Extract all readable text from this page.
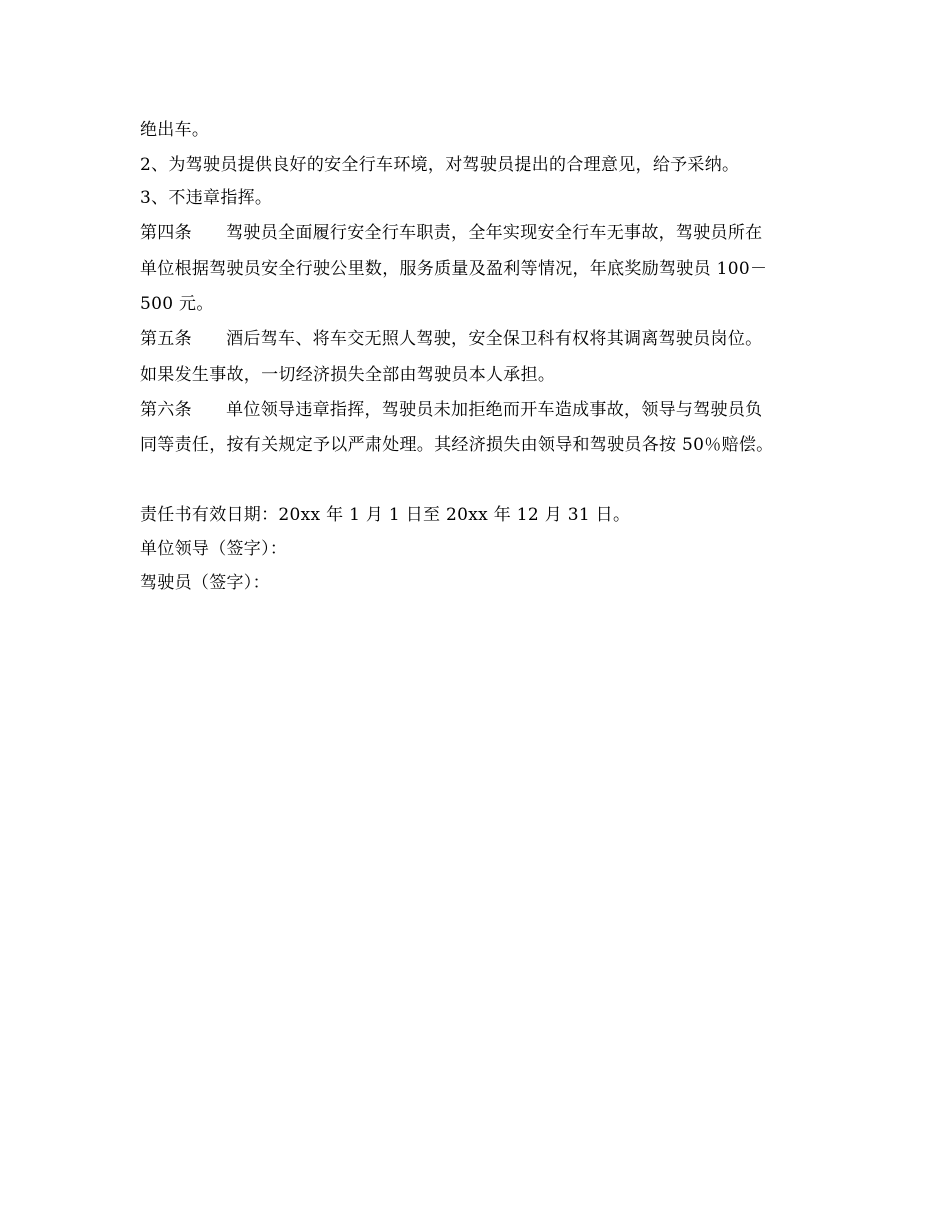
绝出车。
2、为驾驶员提供良好的安全行车环境，对驾驶员提出的合理意见，给予采纳。
3、不违章指挥。
第四条      驾驶员全面履行安全行车职责，全年实现安全行车无事故，驾驶员所在
单位根据驾驶员安全行驶公里数，服务质量及盈利等情况，年底奖励驾驶员 100－
500 元。
第五条      酒后驾车、将车交无照人驾驶，安全保卫科有权将其调离驾驶员岗位。
如果发生事故，一切经济损失全部由驾驶员本人承担。
第六条      单位领导违章指挥，驾驶员未加拒绝而开车造成事故，领导与驾驶员负
同等责任，按有关规定予以严肃处理。其经济损失由领导和驾驶员各按 50％赔偿。
责任书有效日期：20xx 年 1 月 1 日至 20xx 年 12 月 31 日。
单位领导（签字）：
驾驶员（签字）：
